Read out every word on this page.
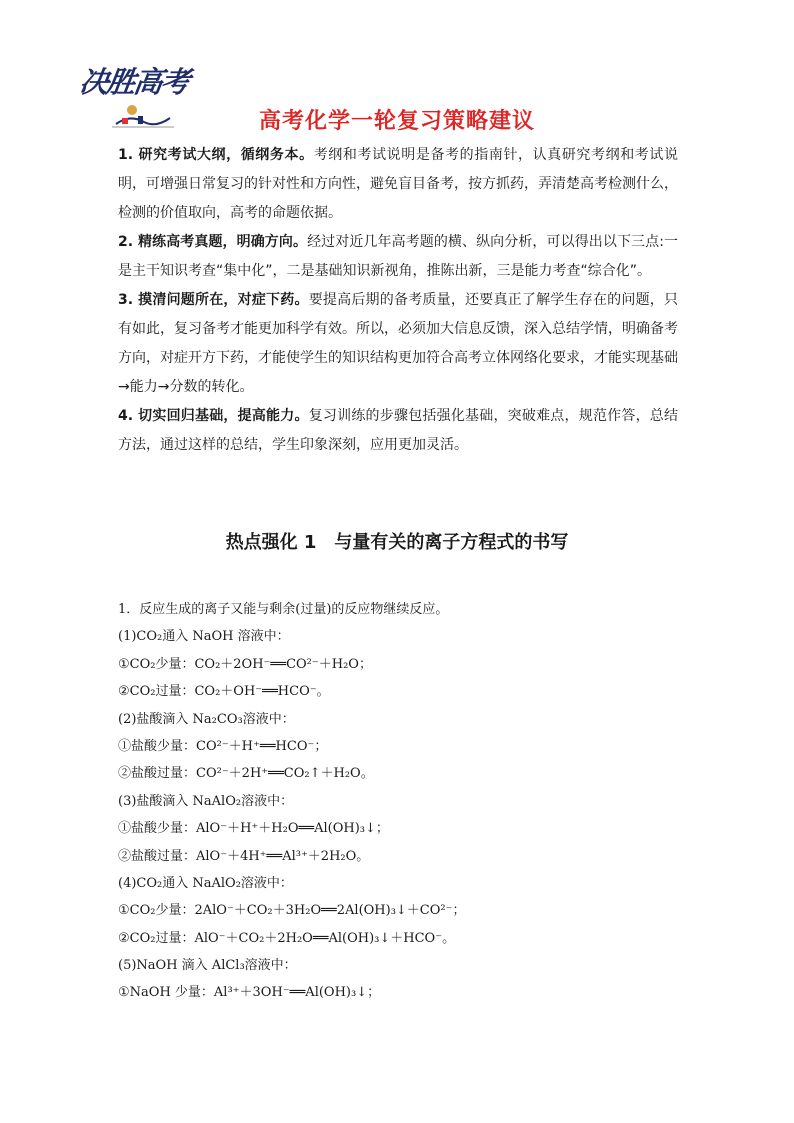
决胜高考
高考化学一轮复习策略建议

1. 研究考试大纲，循纲务本。考纲和考试说明是备考的指南针，认真研究考纲和考试说明，可增强日常复习的针对性和方向性，避免盲目备考，按方抓药，弄清楚高考检测什么，检测的价值取向，高考的命题依据。

2. 精练高考真题，明确方向。经过对近几年高考题的横、纵向分析，可以得出以下三点:一是主干知识考查“集中化”，二是基础知识新视角，推陈出新，三是能力考查“综合化”。

3. 摸清问题所在，对症下药。要提高后期的备考质量，还要真正了解学生存在的问题，只有如此，复习备考才能更加科学有效。所以，必须加大信息反馈，深入总结学情，明确备考方向，对症开方下药，才能使学生的知识结构更加符合高考立体网络化要求，才能实现基础→能力→分数的转化。

4. 切实回归基础，提高能力。复习训练的步骤包括强化基础，突破难点，规范作答，总结方法，通过这样的总结，学生印象深刻，应用更加灵活。

热点强化 1　与量有关的离子方程式的书写
1．反应生成的离子又能与剩余(过量)的反应物继续反应。
(1)CO₂通入 NaOH 溶液中：
①CO₂少量：CO₂＋2OH⁻══CO²⁻＋H₂O；
②CO₂过量：CO₂＋OH⁻══HCO⁻。
(2)盐酸滴入 Na₂CO₃溶液中：
①盐酸少量：CO²⁻＋H⁺══HCO⁻；
②盐酸过量：CO²⁻＋2H⁺══CO₂↑＋H₂O。
(3)盐酸滴入 NaAlO₂溶液中：
①盐酸少量：AlO⁻＋H⁺＋H₂O══Al(OH)₃↓；
②盐酸过量：AlO⁻＋4H⁺══Al³⁺＋2H₂O。
(4)CO₂通入 NaAlO₂溶液中：
①CO₂少量：2AlO⁻＋CO₂＋3H₂O══2Al(OH)₃↓＋CO²⁻；
②CO₂过量：AlO⁻＋CO₂＋2H₂O══Al(OH)₃↓＋HCO⁻。
(5)NaOH 滴入 AlCl₃溶液中：
①NaOH 少量：Al³⁺＋3OH⁻══Al(OH)₃↓；
